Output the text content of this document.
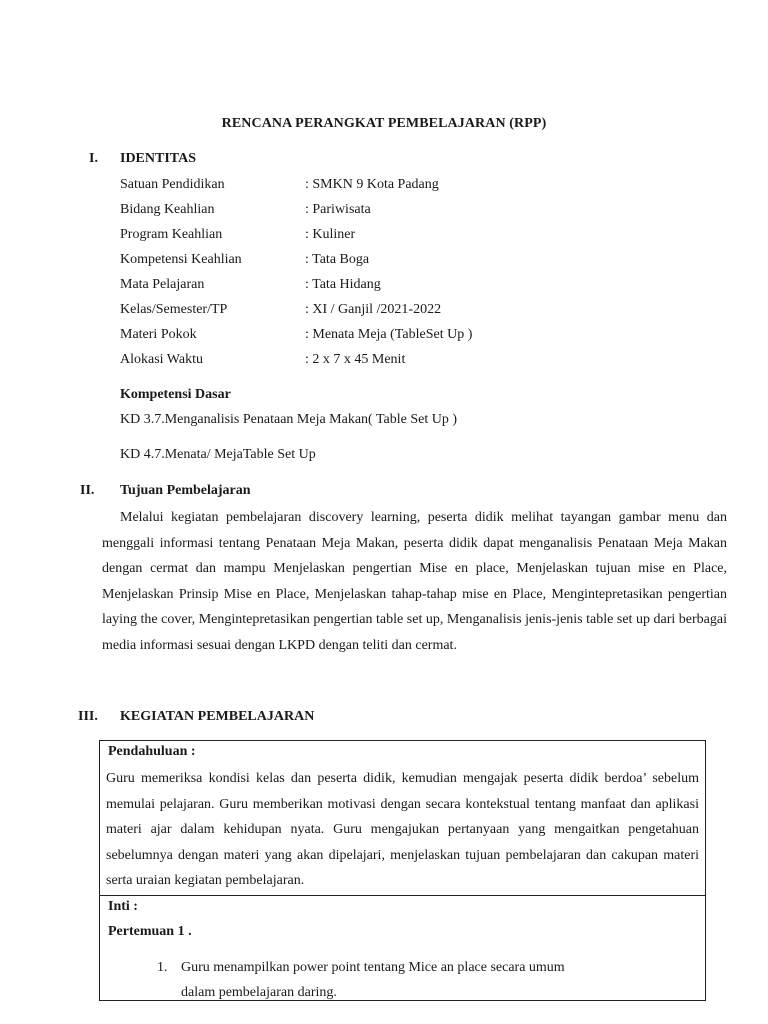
RENCANA PERANGKAT PEMBELAJARAN (RPP)
I. IDENTITAS
Satuan Pendidikan	: SMKN 9 Kota Padang
Bidang Keahlian	: Pariwisata
Program Keahlian	: Kuliner
Kompetensi Keahlian	: Tata Boga
Mata Pelajaran	: Tata Hidang
Kelas/Semester/TP	: XI / Ganjil /2021-2022
Materi Pokok	: Menata Meja (TableSet Up )
Alokasi Waktu	: 2 x 7 x 45 Menit
Kompetensi Dasar
KD 3.7.Menganalisis Penataan Meja Makan( Table Set Up )
KD 4.7.Menata/ MejaTable Set Up
II. Tujuan Pembelajaran
Melalui kegiatan pembelajaran discovery learning, peserta didik melihat tayangan gambar menu dan menggali informasi tentang Penataan Meja Makan, peserta didik dapat menganalisis Penataan Meja Makan dengan cermat dan mampu Menjelaskan pengertian Mise en place, Menjelaskan tujuan mise en Place, Menjelaskan Prinsip Mise en Place, Menjelaskan tahap-tahap mise en Place, Mengintepretasikan pengertian laying the cover, Mengintepretasikan pengertian table set up, Menganalisis jenis-jenis table set up dari berbagai media informasi sesuai dengan LKPD dengan teliti dan cermat.
III. KEGIATAN PEMBELAJARAN
Pendahuluan :
Guru memeriksa kondisi kelas dan peserta didik, kemudian mengajak peserta didik berdoa’ sebelum memulai pelajaran. Guru memberikan motivasi dengan secara kontekstual tentang manfaat dan aplikasi materi ajar dalam kehidupan nyata. Guru mengajukan pertanyaan yang mengaitkan pengetahuan sebelumnya dengan materi yang akan dipelajari, menjelaskan tujuan pembelajaran dan cakupan materi serta uraian kegiatan pembelajaran.
Inti :
Pertemuan 1 .
1. Guru menampilkan power point tentang Mice an place secara umum
dalam pembelajaran daring.
